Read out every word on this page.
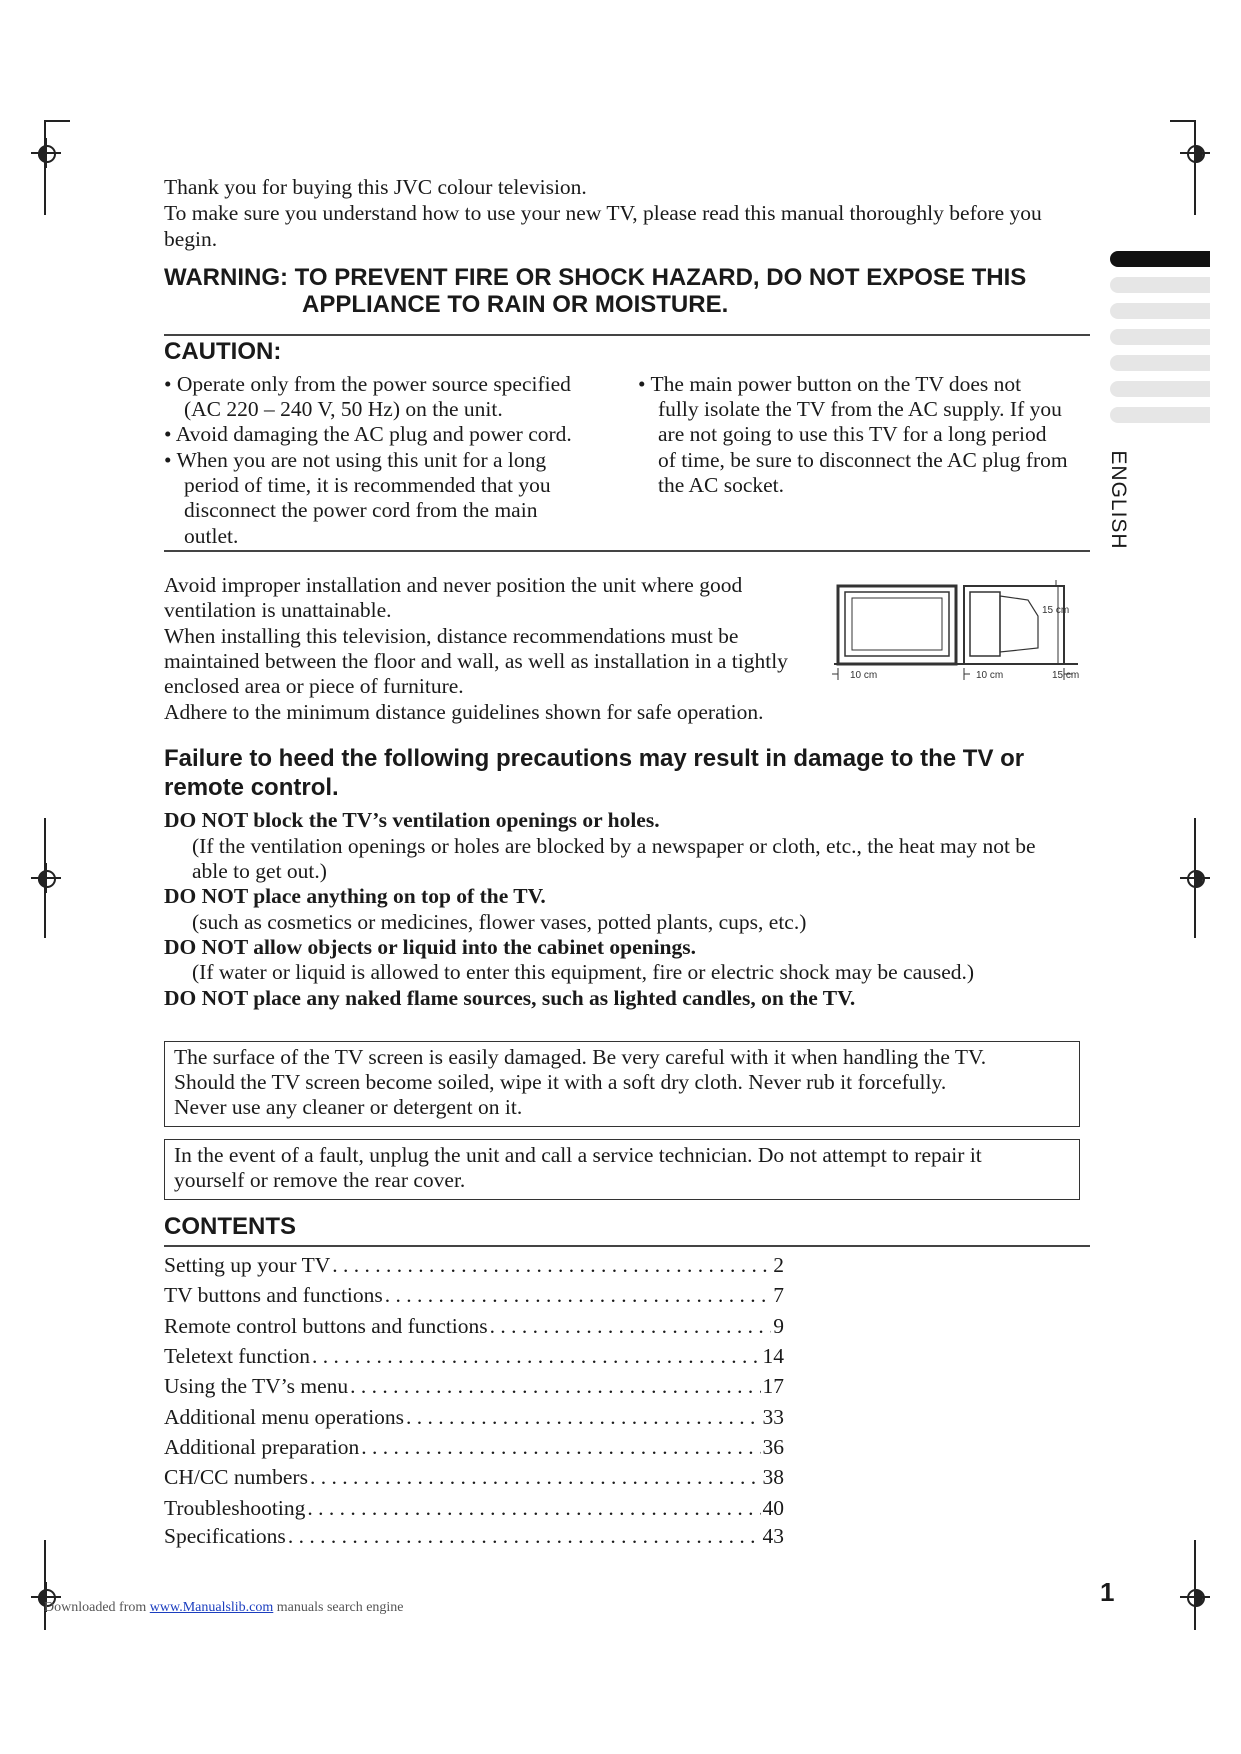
ENGLISH
Thank you for buying this JVC colour television.
To make sure you understand how to use your new TV, please read this manual thoroughly before you
begin.
WARNING: TO PREVENT FIRE OR SHOCK HAZARD, DO NOT EXPOSE THIS
APPLIANCE TO RAIN OR MOISTURE.
CAUTION:
• Operate only from the power source specified
(AC 220 – 240 V, 50 Hz) on the unit.
• Avoid damaging the AC plug and power cord.
• When you are not using this unit for a long
period of time, it is recommended that you
disconnect the power cord from the main
outlet.
• The main power button on the TV does not
fully isolate the TV from the AC supply. If you
are not going to use this TV for a long period
of time, be sure to disconnect the AC plug from
the AC socket.
Avoid improper installation and never position the unit where good
ventilation is unattainable.
When installing this television, distance recommendations must be
maintained between the floor and wall, as well as installation in a tightly
enclosed area or piece of furniture.
Adhere to the minimum distance guidelines shown for safe operation.
15 cm
10 cm	10 cm	15 cm
Failure to heed the following precautions may result in damage to the TV or
remote control.
DO NOT block the TV’s ventilation openings or holes.
(If the ventilation openings or holes are blocked by a newspaper or cloth, etc., the heat may not be
able to get out.)
DO NOT place anything on top of the TV.
(such as cosmetics or medicines, flower vases, potted plants, cups, etc.)
DO NOT allow objects or liquid into the cabinet openings.
(If water or liquid is allowed to enter this equipment, fire or electric shock may be caused.)
DO NOT place any naked flame sources, such as lighted candles, on the TV.
The surface of the TV screen is easily damaged. Be very careful with it when handling the TV.
Should the TV screen become soiled, wipe it with a soft dry cloth. Never rub it forcefully.
Never use any cleaner or detergent on it.
In the event of a fault, unplug the unit and call a service technician. Do not attempt to repair it
yourself or remove the rear cover.
CONTENTS
Setting up your TV . . .	2
TV buttons and functions . . .	7
Remote control buttons and functions . . .	9
Teletext function . . .	14
Using the TV’s menu . . .	17
Additional menu operations . . .	33
Additional preparation . . .	36
CH/CC numbers . . .	38
Troubleshooting . . .	40
Specifications . . .	43
1
Downloaded from www.Manualslib.com manuals search engine
